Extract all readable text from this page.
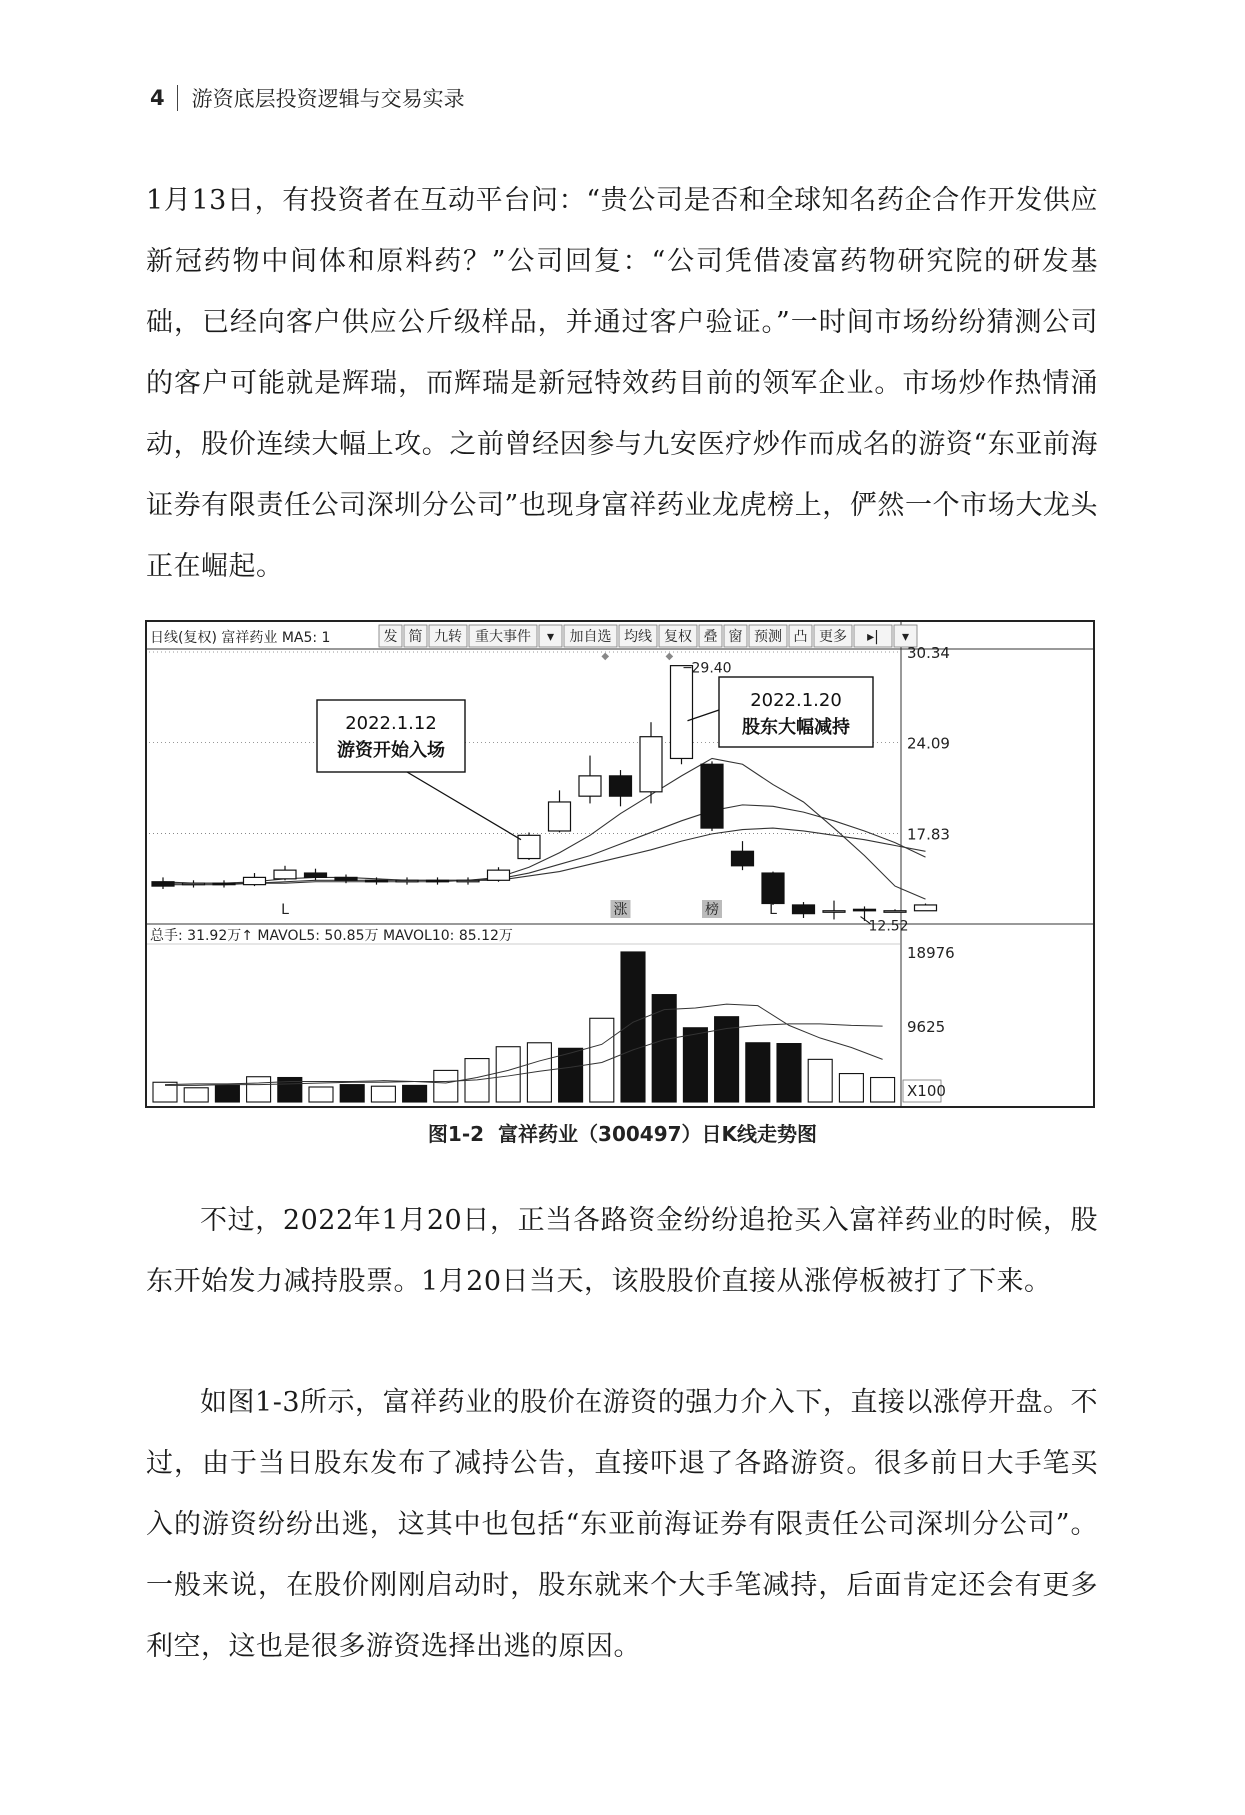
4 游资底层投资逻辑与交易实录

1月13日，有投资者在互动平台问：“贵公司是否和全球知名药企合作开发供应新冠药物中间体和原料药？”公司回复：“公司凭借凌富药物研究院的研发基础，已经向客户供应公斤级样品，并通过客户验证。”一时间市场纷纷猜测公司的客户可能就是辉瑞，而辉瑞是新冠特效药目前的领军企业。市场炒作热情涌动，股价连续大幅上攻。之前曾经因参与九安医疗炒作而成名的游资“东亚前海证券有限责任公司深圳分公司”也现身富祥药业龙虎榜上，俨然一个市场大龙头正在崛起。

日线(复权) 富祥药业 MA5: 1	发 简 九转 重大事件 ▾ 加自选 均线 复权 叠 窗 预测 凸 更多 ▸| ▾
30.34
24.09
17.83
29.40
12.52
◆	◆
L	涨	榜	L
2022.1.12
游资开始入场
2022.1.20
股东大幅减持
总手: 31.92万↑ MAVOL5: 50.85万 MAVOL10: 85.12万
18976
9625
X100
图1-2 富祥药业（300497）日K线走势图

不过，2022年1月20日，正当各路资金纷纷追抢买入富祥药业的时候，股东开始发力减持股票。1月20日当天，该股股价直接从涨停板被打了下来。

如图1-3所示，富祥药业的股价在游资的强力介入下，直接以涨停开盘。不过，由于当日股东发布了减持公告，直接吓退了各路游资。很多前日大手笔买入的游资纷纷出逃，这其中也包括“东亚前海证券有限责任公司深圳分公司”。一般来说，在股价刚刚启动时，股东就来个大手笔减持，后面肯定还会有更多利空，这也是很多游资选择出逃的原因。
